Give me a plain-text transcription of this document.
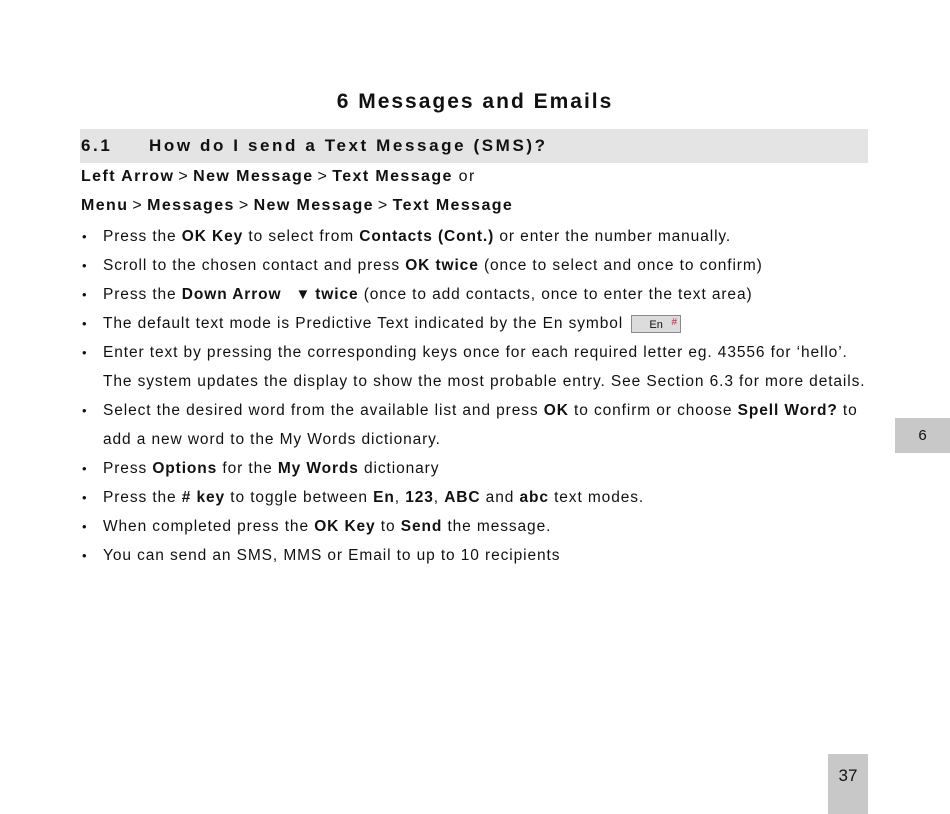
6 Messages and Emails
6.1 How do I send a Text Message (SMS)?

Left Arrow > New Message > Text Message or

Menu > Messages > New Message > Text Message

• Press the OK Key to select from Contacts (Cont.) or enter the number manually.
• Scroll to the chosen contact and press OK twice (once to select and once to confirm)
• Press the Down Arrow ▼ twice (once to add contacts, once to enter the text area)
• The default text mode is Predictive Text indicated by the En symbol En #
• Enter text by pressing the corresponding keys once for each required letter eg. 43556 for ‘hello’. The system updates the display to show the most probable entry. See Section 6.3 for more details.
• Select the desired word from the available list and press OK to confirm or choose Spell Word? to add a new word to the My Words dictionary.
• Press Options for the My Words dictionary
• Press the # key to toggle between En, 123, ABC and abc text modes.
• When completed press the OK Key to Send the message.
• You can send an SMS, MMS or Email to up to 10 recipients
6
37
